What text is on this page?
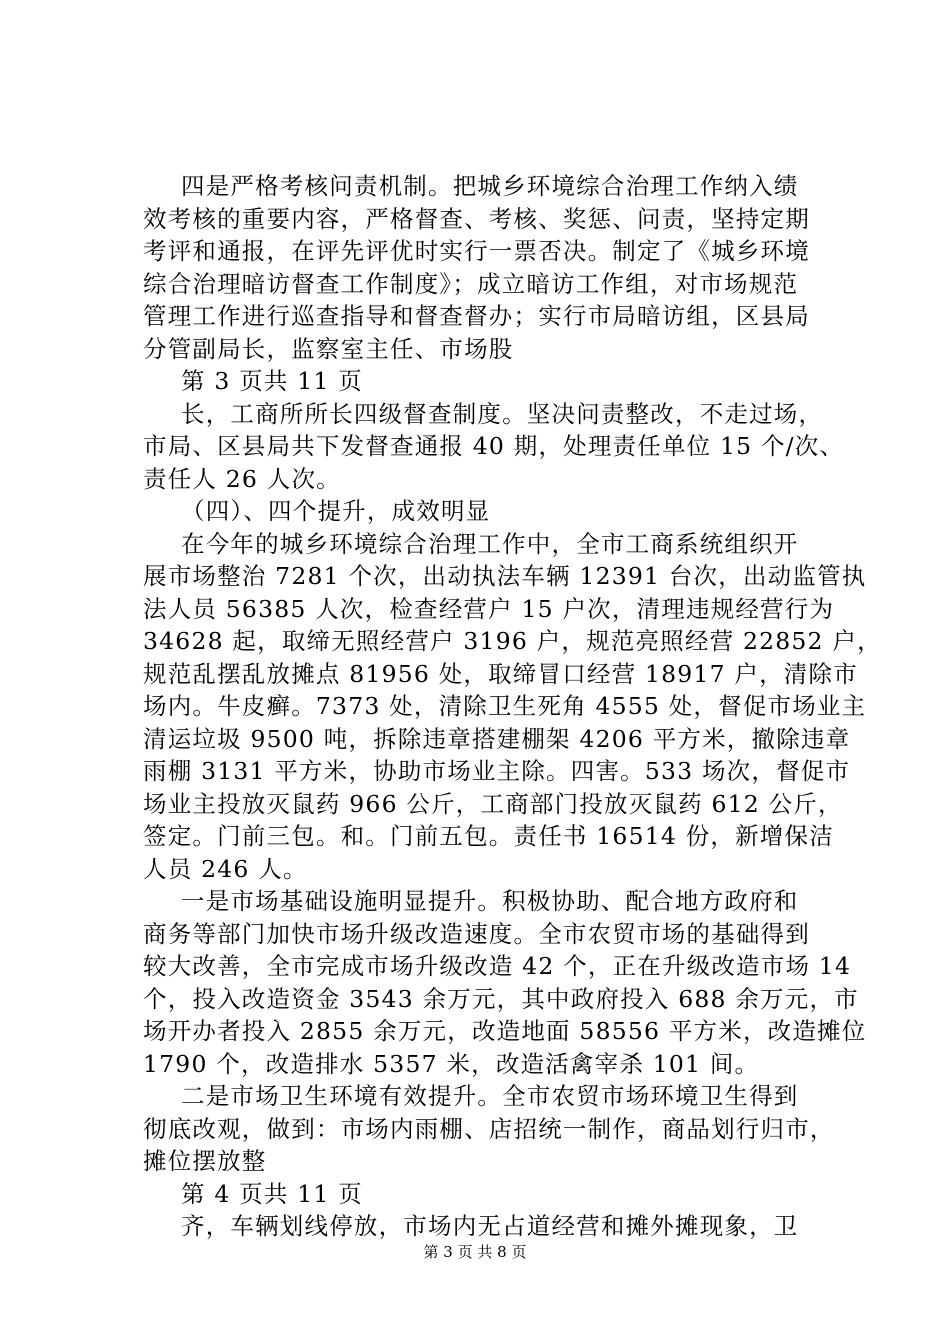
四是严格考核问责机制。把城乡环境综合治理工作纳入绩
效考核的重要内容，严格督查、考核、奖惩、问责，坚持定期
考评和通报，在评先评优时实行一票否决。制定了《城乡环境
综合治理暗访督查工作制度》；成立暗访工作组，对市场规范
管理工作进行巡查指导和督查督办；实行市局暗访组，区县局
分管副局长，监察室主任、市场股
第 3 页共 11 页
长，工商所所长四级督查制度。坚决问责整改，不走过场，
市局、区县局共下发督查通报 40 期，处理责任单位 15 个/次、
责任人 26 人次。
（四）、四个提升，成效明显
在今年的城乡环境综合治理工作中，全市工商系统组织开
展市场整治 7281 个次，出动执法车辆 12391 台次，出动监管执
法人员 56385 人次，检查经营户 15 户次，清理违规经营行为
34628 起，取缔无照经营户 3196 户，规范亮照经营 22852 户，
规范乱摆乱放摊点 81956 处，取缔冒口经营 18917 户，清除市
场内。牛皮癣。7373 处，清除卫生死角 4555 处，督促市场业主
清运垃圾 9500 吨，拆除违章搭建棚架 4206 平方米，撤除违章
雨棚 3131 平方米，协助市场业主除。四害。533 场次，督促市
场业主投放灭鼠药 966 公斤，工商部门投放灭鼠药 612 公斤，
签定。门前三包。和。门前五包。责任书 16514 份，新增保洁
人员 246 人。
一是市场基础设施明显提升。积极协助、配合地方政府和
商务等部门加快市场升级改造速度。全市农贸市场的基础得到
较大改善，全市完成市场升级改造 42 个，正在升级改造市场 14
个，投入改造资金 3543 余万元，其中政府投入 688 余万元，市
场开办者投入 2855 余万元，改造地面 58556 平方米，改造摊位
1790 个，改造排水 5357 米，改造活禽宰杀 101 间。
二是市场卫生环境有效提升。全市农贸市场环境卫生得到
彻底改观，做到：市场内雨棚、店招统一制作，商品划行归市，
摊位摆放整
第 4 页共 11 页
齐，车辆划线停放，市场内无占道经营和摊外摊现象，卫
第 3 页 共 8 页
